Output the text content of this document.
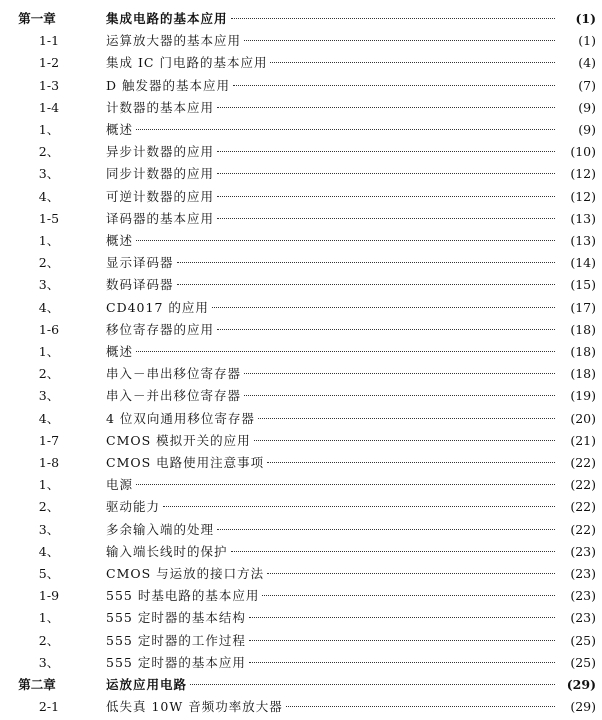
第一章	集成电路的基本应用	(1)
1-1	运算放大器的基本应用	(1)
1-2	集成 IC 门电路的基本应用	(4)
1-3	D 触发器的基本应用	(7)
1-4	计数器的基本应用	(9)
1、	概述	(9)
2、	异步计数器的应用	(10)
3、	同步计数器的应用	(12)
4、	可逆计数器的应用	(12)
1-5	译码器的基本应用	(13)
1、	概述	(13)
2、	显示译码器	(14)
3、	数码译码器	(15)
4、	CD4017 的应用	(17)
1-6	移位寄存器的应用	(18)
1、	概述	(18)
2、	串入－串出移位寄存器	(18)
3、	串入－并出移位寄存器	(19)
4、	4 位双向通用移位寄存器	(20)
1-7	CMOS 模拟开关的应用	(21)
1-8	CMOS 电路使用注意事项	(22)
1、	电源	(22)
2、	驱动能力	(22)
3、	多余输入端的处理	(22)
4、	输入端长线时的保护	(23)
5、	CMOS 与运放的接口方法	(23)
1-9	555 时基电路的基本应用	(23)
1、	555 定时器的基本结构	(23)
2、	555 定时器的工作过程	(25)
3、	555 定时器的基本应用	(25)
第二章	运放应用电路	(29)
2-1	低失真 10W 音频功率放大器	(29)
